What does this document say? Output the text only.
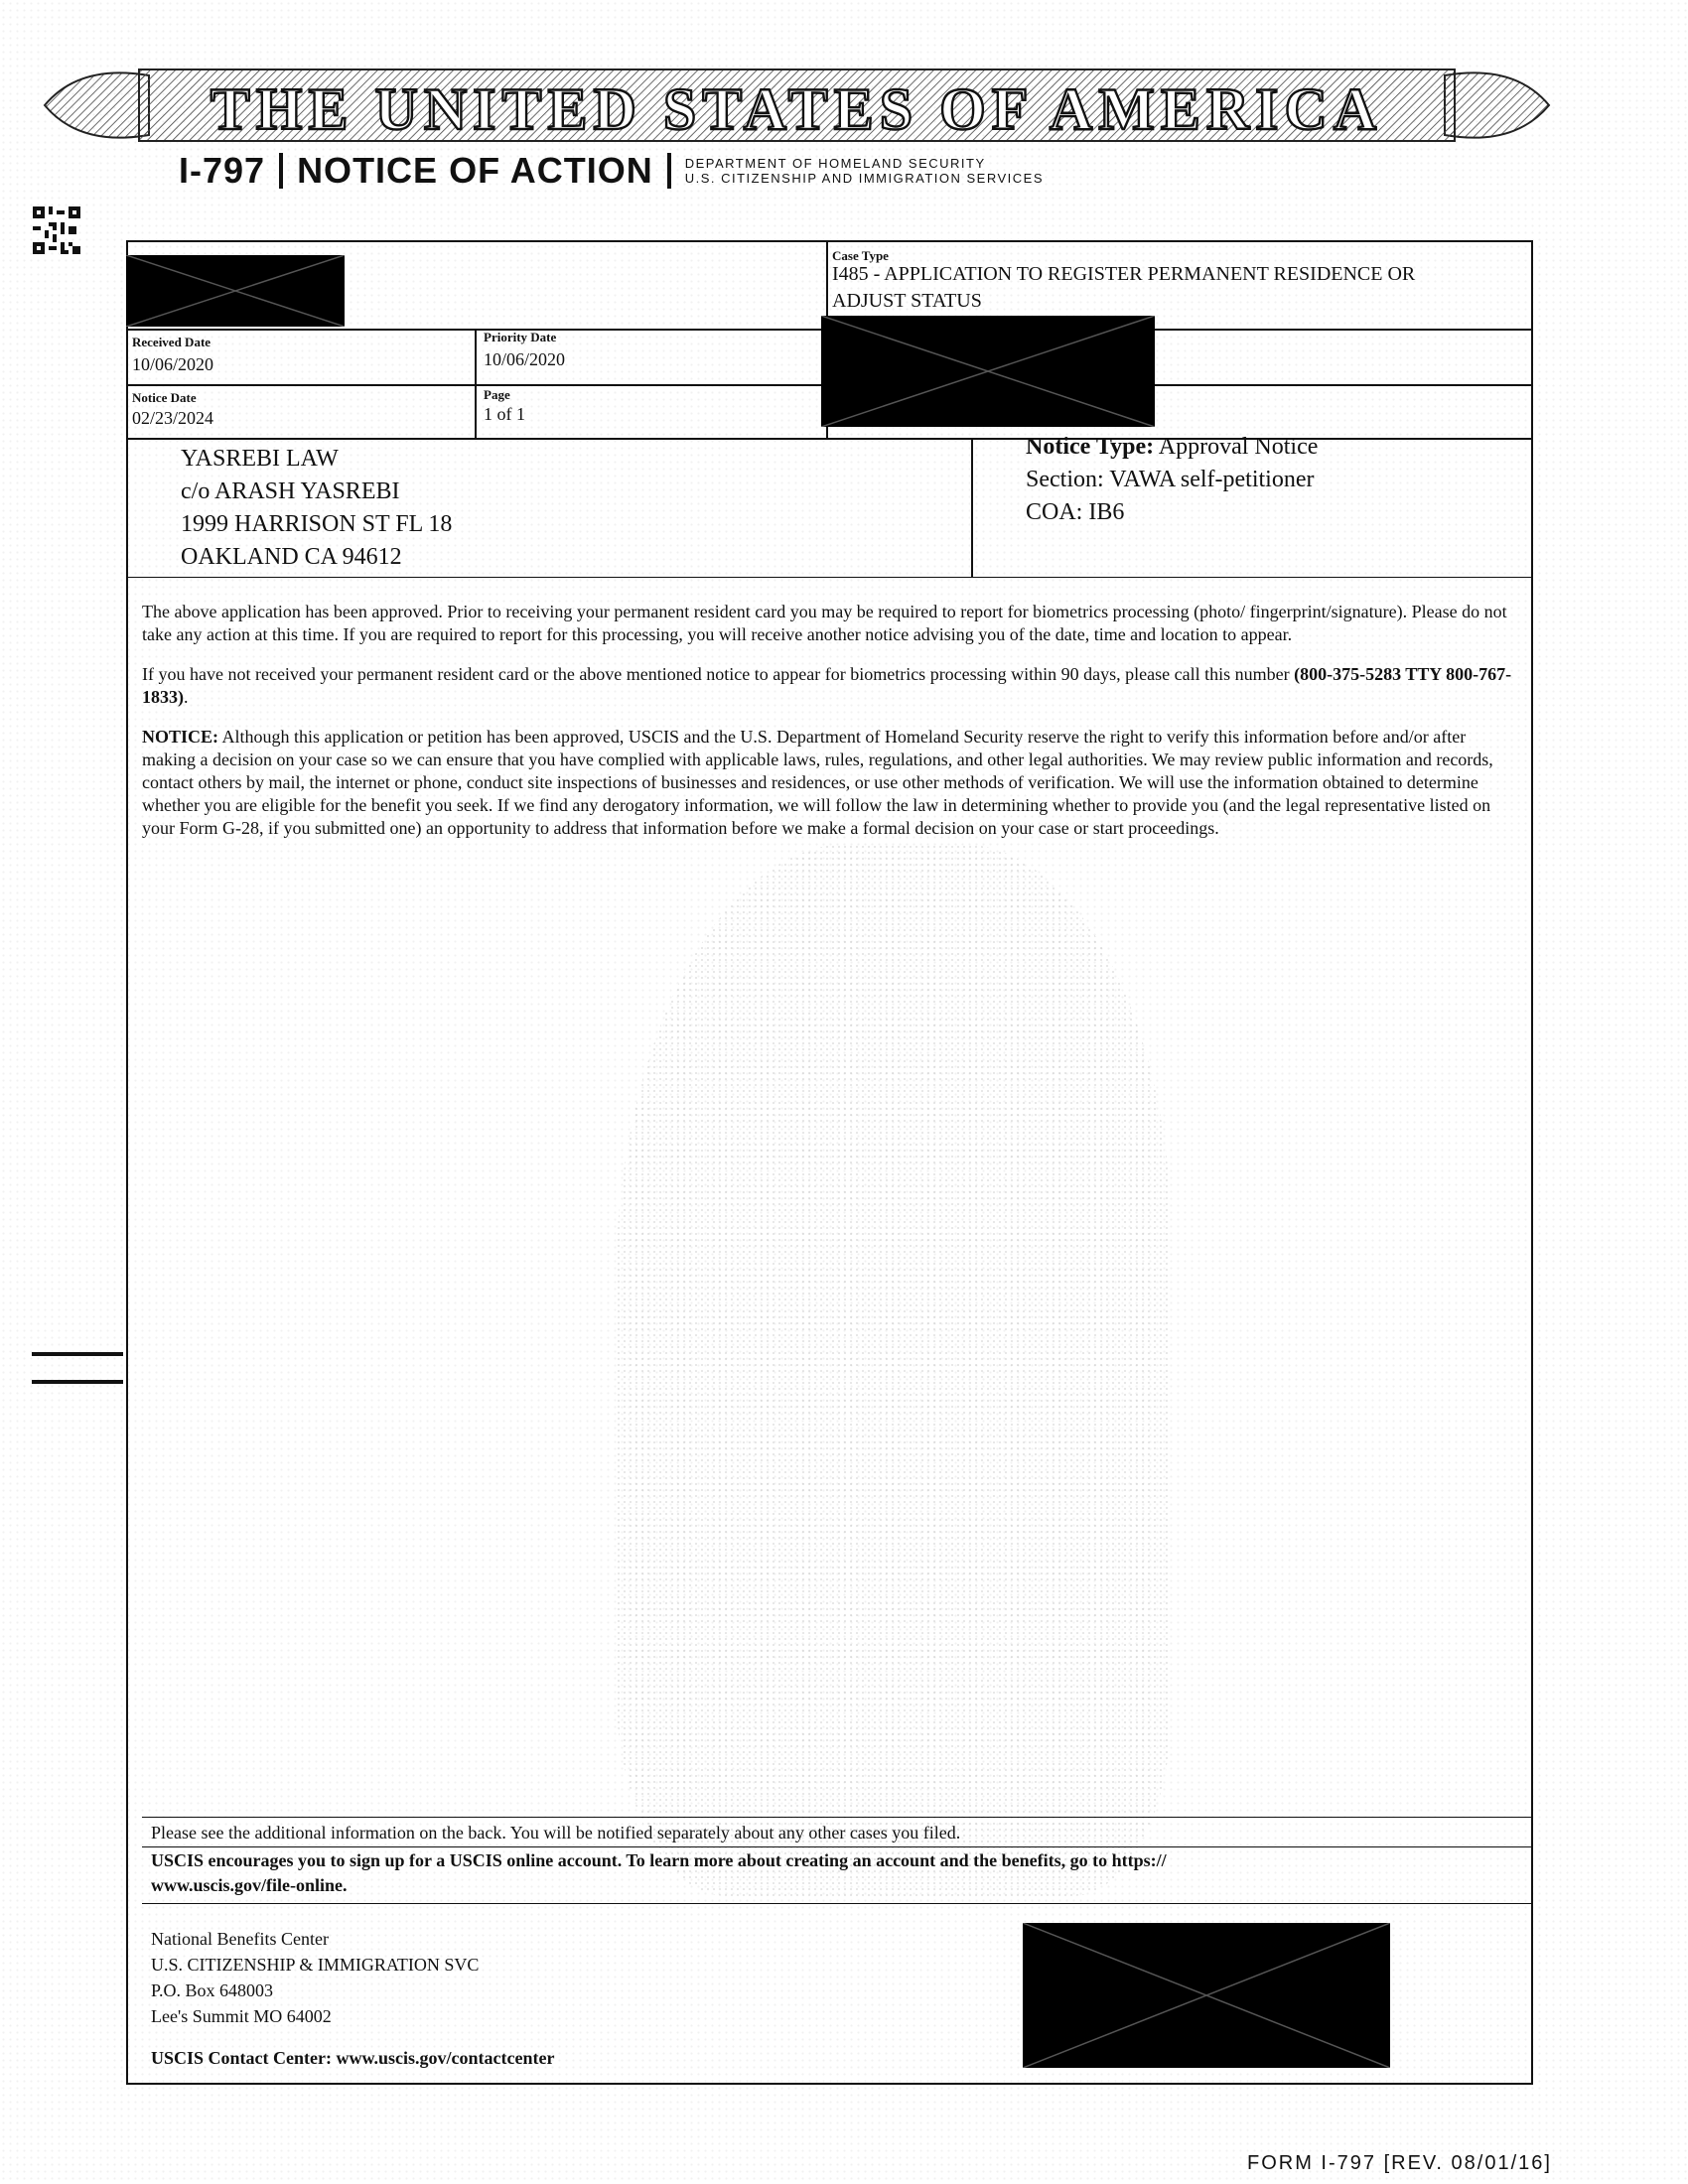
THE UNITED STATES OF AMERICA
I-797 NOTICE OF ACTION DEPARTMENT OF HOMELAND SECURITY
U.S. CITIZENSHIP AND IMMIGRATION SERVICES
Case Type
I485 - APPLICATION TO REGISTER PERMANENT RESIDENCE OR
ADJUST STATUS
Received Date
10/06/2020
Priority Date
10/06/2020
Notice Date
02/23/2024
Page
1 of 1
YASREBI LAW
c/o ARASH YASREBI
1999 HARRISON ST FL 18
OAKLAND CA 94612
Notice Type: Approval Notice
Section: VAWA self-petitioner
COA: IB6

The above application has been approved. Prior to receiving your permanent resident card you may be required to report for biometrics processing (photo/ fingerprint/signature). Please do not take any action at this time. If you are required to report for this processing, you will receive another notice advising you of the date, time and location to appear.

If you have not received your permanent resident card or the above mentioned notice to appear for biometrics processing within 90 days, please call this number (800-375-5283 TTY 800-767-1833).

NOTICE: Although this application or petition has been approved, USCIS and the U.S. Department of Homeland Security reserve the right to verify this information before and/or after making a decision on your case so we can ensure that you have complied with applicable laws, rules, regulations, and other legal authorities. We may review public information and records, contact others by mail, the internet or phone, conduct site inspections of businesses and residences, or use other methods of verification. We will use the information obtained to determine whether you are eligible for the benefit you seek. If we find any derogatory information, we will follow the law in determining whether to provide you (and the legal representative listed on your Form G-28, if you submitted one) an opportunity to address that information before we make a formal decision on your case or start proceedings.

Please see the additional information on the back. You will be notified separately about any other cases you filed.
USCIS encourages you to sign up for a USCIS online account. To learn more about creating an account and the benefits, go to https://
www.uscis.gov/file-online.
National Benefits Center
U.S. CITIZENSHIP & IMMIGRATION SVC
P.O. Box 648003
Lee's Summit MO 64002
USCIS Contact Center: www.uscis.gov/contactcenter
FORM I-797 [REV. 08/01/16]
